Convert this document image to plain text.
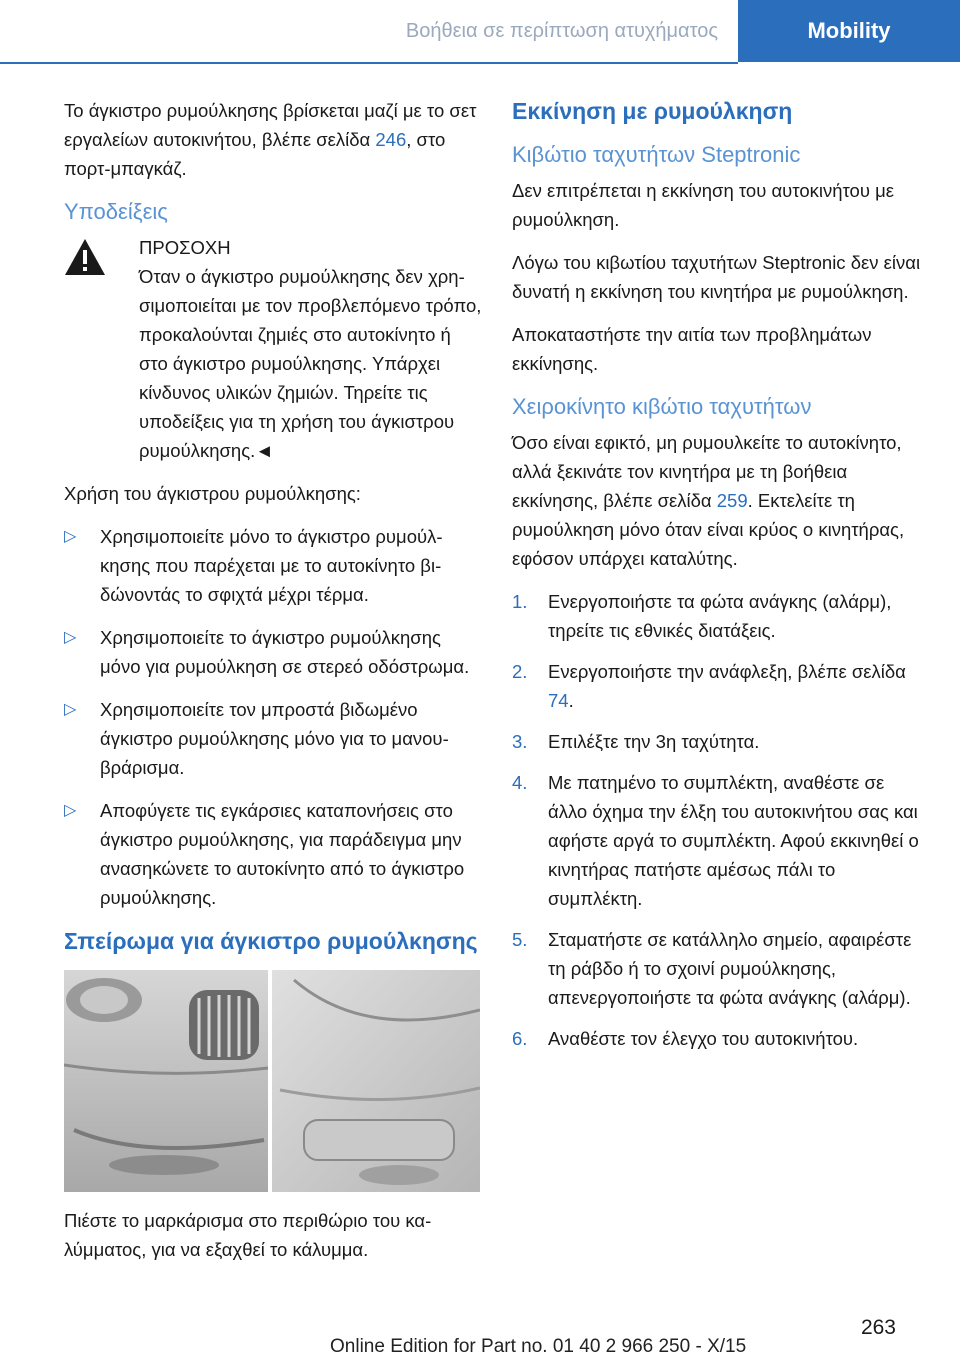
Βοήθεια σε περίπτωση ατυχήματος	Mobility

Το άγκιστρο ρυμούλκησης βρίσκεται μαζί με το σετ εργαλείων αυτοκινήτου, βλέπε σελίδα 246, στο πορτ-μπαγκάζ.

Υποδείξεις
ΠΡΟΣΟΧΗ
Όταν ο άγκιστρο ρυμούλκησης δεν χρησιμοποιείται με τον προβλεπόμενο τρόπο, προκαλούνται ζημιές στο αυτοκίνητο ή στο άγκιστρο ρυμούλκησης. Υπάρχει κίνδυνος υλικών ζημιών. Τηρείτε τις υποδείξεις για τη χρήση του άγκιστρου ρυμούλκησης.◄

Χρήση του άγκιστρου ρυμούλκησης:

▷ Χρησιμοποιείτε μόνο το άγκιστρο ρυμούλκησης που παρέχεται με το αυτοκίνητο βιδώνοντάς το σφιχτά μέχρι τέρμα.
▷ Χρησιμοποιείτε το άγκιστρο ρυμούλκησης μόνο για ρυμούλκηση σε στερεό οδόστρωμα.
▷ Χρησιμοποιείτε τον μπροστά βιδωμένο άγκιστρο ρυμούλκησης μόνο για το μανουβράρισμα.
▷ Αποφύγετε τις εγκάρσιες καταπονήσεις στο άγκιστρο ρυμούλκησης, για παράδειγμα μην ανασηκώνετε το αυτοκίνητο από το άγκιστρο ρυμούλκησης.
Σπείρωμα για άγκιστρο ρυμούλκησης

Πιέστε το μαρκάρισμα στο περιθώριο του καλύμματος, για να εξαχθεί το κάλυμμα.

Εκκίνηση με ρυμούλκηση
Κιβώτιο ταχυτήτων Steptronic

Δεν επιτρέπεται η εκκίνηση του αυτοκινήτου με ρυμούλκηση.

Λόγω του κιβωτίου ταχυτήτων Steptronic δεν είναι δυνατή η εκκίνηση του κινητήρα με ρυμούλκηση.

Αποκαταστήστε την αιτία των προβλημάτων εκκίνησης.

Χειροκίνητο κιβώτιο ταχυτήτων

Όσο είναι εφικτό, μη ρυμουλκείτε το αυτοκίνητο, αλλά ξεκινάτε τον κινητήρα με τη βοήθεια εκκίνησης, βλέπε σελίδα 259. Εκτελείτε τη ρυμούλκηση μόνο όταν είναι κρύος ο κινητήρας, εφόσον υπάρχει καταλύτης.

1. Ενεργοποιήστε τα φώτα ανάγκης (αλάρμ), τηρείτε τις εθνικές διατάξεις.
2. Ενεργοποιήστε την ανάφλεξη, βλέπε σελίδα 74.
3. Επιλέξτε την 3η ταχύτητα.
4. Με πατημένο το συμπλέκτη, αναθέστε σε άλλο όχημα την έλξη του αυτοκινήτου σας και αφήστε αργά το συμπλέκτη. Αφού εκκινηθεί ο κινητήρας πατήστε αμέσως πάλι το συμπλέκτη.
5. Σταματήστε σε κατάλληλο σημείο, αφαιρέστε τη ράβδο ή το σχοινί ρυμούλκησης, απενεργοποιήστε τα φώτα ανάγκης (αλάρμ).
6. Αναθέστε τον έλεγχο του αυτοκινήτου.
263
Online Edition for Part no. 01 40 2 966 250 - X/15
